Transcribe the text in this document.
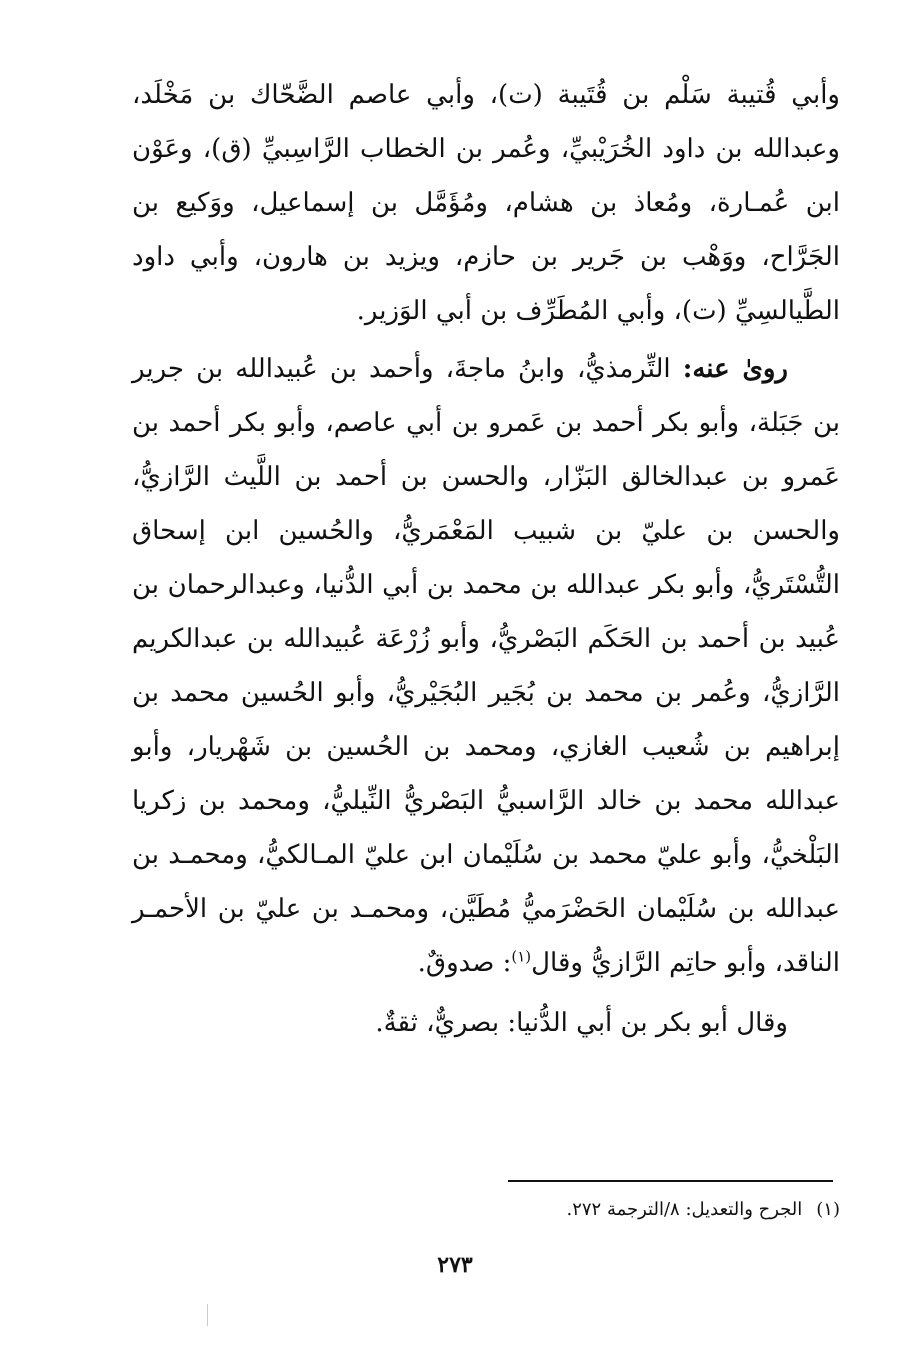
وأبي قُتيبة سَلْم بن قُتَيبة (ت)، وأبي عاصم الضَّحّاك بن مَخْلَد، وعبدالله بن داود الخُرَيْبيِّ، وعُمر بن الخطاب الرَّاسِبيِّ (ق)، وعَوْن ابن عُمـارة، ومُعاذ بن هشام، ومُؤَمَّل بن إسماعيل، ووَكيع بن الجَرَّاح، ووَهْب بن جَرير بن حازم، ويزيد بن هارون، وأبي داود الطَّيالسِيِّ (ت)، وأبي المُطَرِّف بن أبي الوَزير.

روىٰ عنه: التِّرمذيُّ، وابنُ ماجةَ، وأحمد بن عُبيدالله بن جرير بن جَبَلة، وأبو بكر أحمد بن عَمرو بن أبي عاصم، وأبو بكر أحمد بن عَمرو بن عبدالخالق البَزّار، والحسن بن أحمد بن اللَّيث الرَّازيُّ، والحسن بن عليّ بن شبيب المَعْمَريُّ، والحُسين ابن إسحاق التُّسْتَريُّ، وأبو بكر عبدالله بن محمد بن أبي الدُّنيا، وعبدالرحمان بن عُبيد بن أحمد بن الحَكَم البَصْريُّ، وأبو زُرْعَة عُبيدالله بن عبدالكريم الرَّازيُّ، وعُمر بن محمد بن بُجَير البُجَيْريُّ، وأبو الحُسين محمد بن إبراهيم بن شُعيب الغازي، ومحمد بن الحُسين بن شَهْريار، وأبو عبدالله محمد بن خالد الرَّاسبيُّ البَصْريُّ النِّيليُّ، ومحمد بن زكريا البَلْخيُّ، وأبو عليّ محمد بن سُلَيْمان ابن عليّ المـالكيُّ، ومحمـد بن عبدالله بن سُلَيْمان الحَضْرَميُّ مُطَيَّن، ومحمـد بن عليّ بن الأحمـر الناقد، وأبو حاتِم الرَّازيُّ وقال$^{(١)}$: صدوقٌ.

وقال أبو بكر بن أبي الدُّنيا: بصريٌّ، ثقةٌ.

(١)الجرح والتعديل: ٨/الترجمة ٢٧٢.
٢٧٣
